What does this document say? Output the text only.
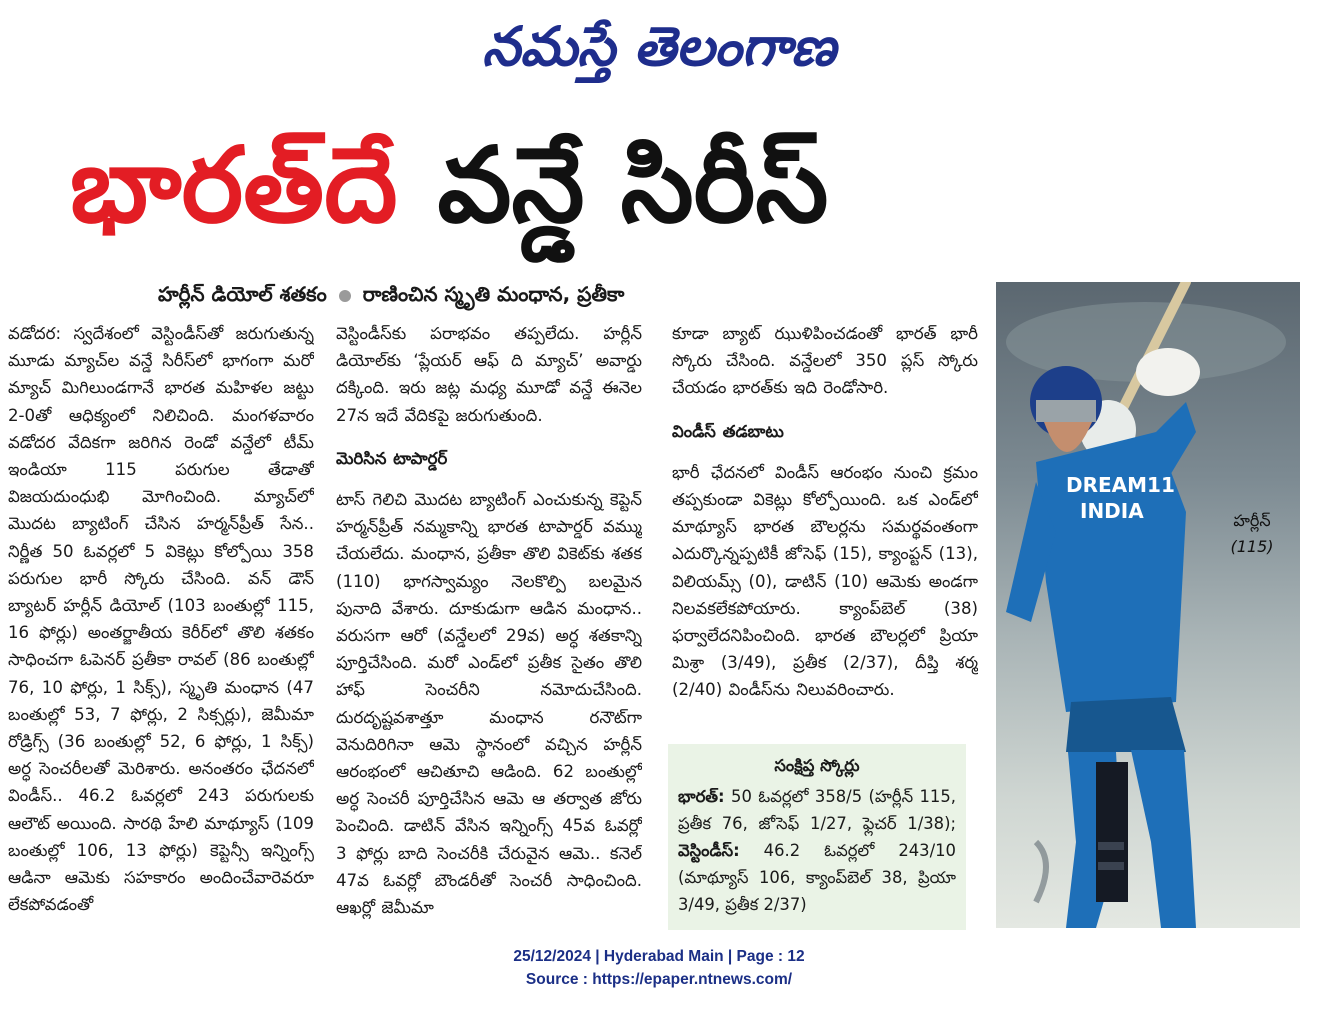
నమస్తే తెలంగాణ
భారత్‌దే వన్డే సిరీస్
హర్లీన్ డియోల్ శతకం రాణించిన స్మృతి మంధాన, ప్రతీకా

వడోదర: స్వదేశంలో వెస్టిండీస్‌తో జరుగుతున్న మూడు మ్యాచ్‌ల వన్డే సిరీస్‌లో భాగంగా మరో మ్యాచ్ మిగిలుండగానే భారత మహిళల జట్టు 2-0తో ఆధిక్యంలో నిలిచింది. మంగళవారం వడోదర వేదికగా జరిగిన రెండో వన్డేలో టీమ్ ఇండియా 115 పరుగుల తేడాతో విజయదుంధుభి మోగించింది. మ్యాచ్‌లో మొదట బ్యాటింగ్ చేసిన హర్మన్‌ప్రీత్ సేన.. నిర్ణీత 50 ఓవర్లలో 5 వికెట్లు కోల్పోయి 358 పరుగుల భారీ స్కోరు చేసింది. వన్ డౌన్ బ్యాటర్ హర్లీన్ డియోల్ (103 బంతుల్లో 115, 16 ఫోర్లు) అంతర్జాతీయ కెరీర్‌లో తొలి శతకం సాధించగా ఓపెనర్ ప్రతీకా రావల్ (86 బంతుల్లో 76, 10 ఫోర్లు, 1 సిక్స్), స్మృతి మంధాన (47 బంతుల్లో 53, 7 ఫోర్లు, 2 సిక్సర్లు), జెమీమా రోడ్రిగ్స్ (36 బంతుల్లో 52, 6 ఫోర్లు, 1 సిక్స్) అర్ధ సెంచరీలతో మెరిశారు. అనంతరం ఛేదనలో విండీస్.. 46.2 ఓవర్లలో 243 పరుగులకు ఆలౌట్ అయింది. సారథి హేలి మాథ్యూస్ (109 బంతుల్లో 106, 13 ఫోర్లు) కెప్టెన్సీ ఇన్నింగ్స్ ఆడినా ఆమెకు సహకారం అందించేవారెవరూ లేకపోవడంతో

వెస్టిండీస్‌కు పరాభవం తప్పలేదు. హర్లీన్ డియోల్‌కు ‘ప్లేయర్ ఆఫ్ ది మ్యాచ్’ అవార్డు దక్కింది. ఇరు జట్ల మధ్య మూడో వన్డే ఈనెల 27న ఇదే వేదికపై జరుగుతుంది.

మెరిసిన టాపార్డర్

టాస్ గెలిచి మొదట బ్యాటింగ్ ఎంచుకున్న కెప్టెన్ హర్మన్‌ప్రీత్ నమ్మకాన్ని భారత టాపార్డర్ వమ్ము చేయలేదు. మంధాన, ప్రతీకా తొలి వికెట్‌కు శతక (110) భాగస్వామ్యం నెలకొల్పి బలమైన పునాది వేశారు. దూకుడుగా ఆడిన మంధాన.. వరుసగా ఆరో (వన్డేలలో 29వ) అర్ధ శతకాన్ని పూర్తిచేసింది. మరో ఎండ్‌లో ప్రతీక సైతం తొలి హాఫ్ సెంచరీని నమోదుచేసింది. దురదృష్టవశాత్తూ మంధాన రనౌట్‌గా వెనుదిరిగినా ఆమె స్థానంలో వచ్చిన హర్లీన్ ఆరంభంలో ఆచితూచి ఆడింది. 62 బంతుల్లో అర్ధ సెంచరీ పూర్తిచేసిన ఆమె ఆ తర్వాత జోరు పెంచింది. డాటిన్ వేసిన ఇన్నింగ్స్ 45వ ఓవర్లో 3 ఫోర్లు బాది సెంచరీకి చేరువైన ఆమె.. కనెల్ 47వ ఓవర్లో బౌండరీతో సెంచరీ సాధించింది. ఆఖర్లో జెమీమా

కూడా బ్యాట్ ఝుళిపించడంతో భారత్ భారీ స్కోరు చేసింది. వన్డేలలో 350 ప్లస్ స్కోరు చేయడం భారత్‌కు ఇది రెండోసారి.

విండీస్ తడబాటు

భారీ ఛేదనలో విండీస్ ఆరంభం నుంచి క్రమం తప్పకుండా వికెట్లు కోల్పోయింది. ఒక ఎండ్‌లో మాథ్యూస్ భారత బౌలర్లను సమర్థవంతంగా ఎదుర్కొన్నప్పటికీ జోసెఫ్ (15), క్యాంప్టన్ (13), విలియమ్స్ (0), డాటిన్ (10) ఆమెకు అండగా నిలవకలేకపోయారు. క్యాంప్‌బెల్ (38) ఫర్వాలేదనిపించింది. భారత బౌలర్లలో ప్రియా మిశ్రా (3/49), ప్రతీక (2/37), దీప్తి శర్మ (2/40) విండీస్‌ను నిలువరించారు.

సంక్షిప్త స్కోర్లు
భారత్: 50 ఓవర్లలో 358/5 (హర్లీన్ 115, ప్రతీక 76, జోసెఫ్ 1/27, ఫ్లెచర్ 1/38); వెస్టిండీస్: 46.2 ఓవర్లలో 243/10 (మాథ్యూస్ 106, క్యాంప్‌బెల్ 38, ప్రియా 3/49, ప్రతీక 2/37)
DREAM11 INDIA	హర్లీన్
(115)
25/12/2024 | Hyderabad Main | Page : 12
Source : https://epaper.ntnews.com/
